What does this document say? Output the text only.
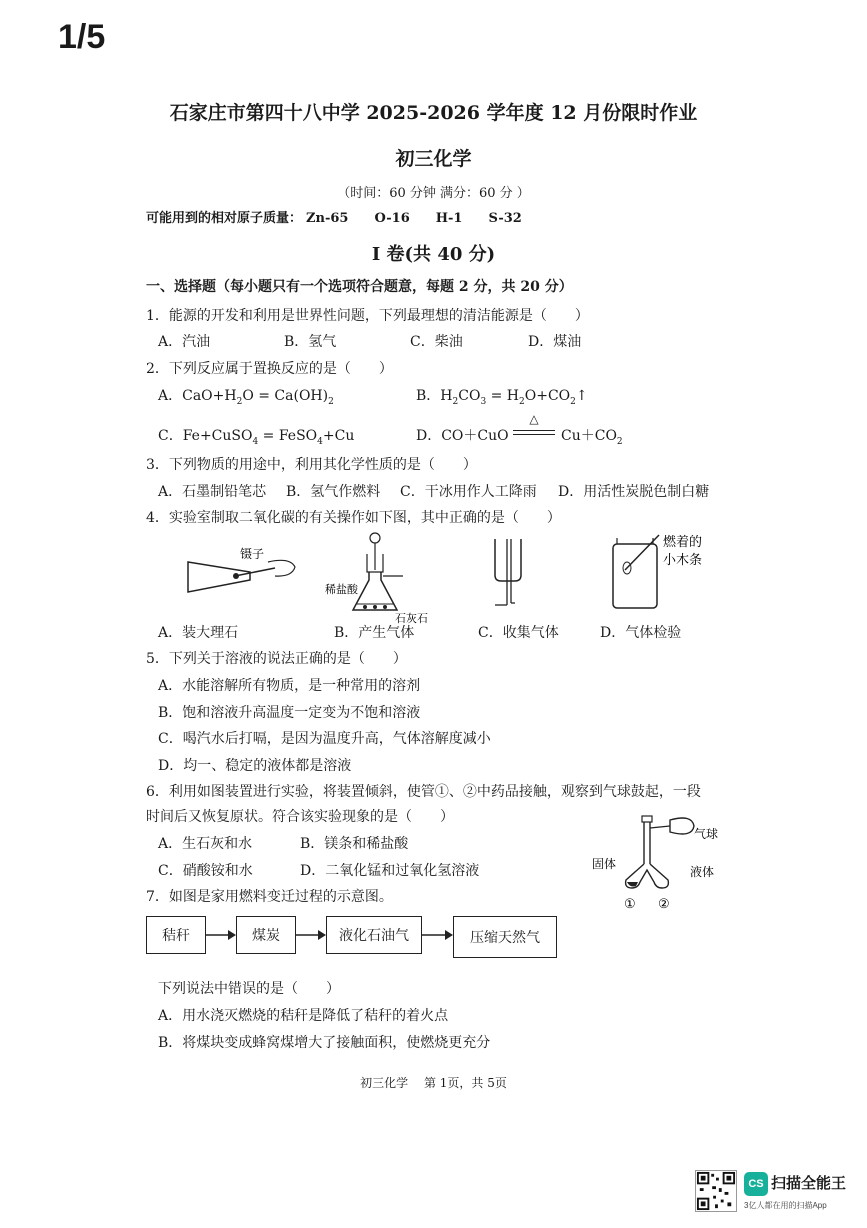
1/5
石家庄市第四十八中学 2025-2026 学年度 12 月份限时作业
初三化学
（时间：60 分钟 满分：60 分 ）
可能用到的相对原子质量： Zn-65 O-16 H-1 S-32
I 卷(共 40 分)
一、选择题（每小题只有一个选项符合题意，每题 2 分，共 20 分）
1．能源的开发和利用是世界性问题，下列最理想的清洁能源是（　　）
A．汽油	B．氢气	C．柴油	D．煤油
2．下列反应属于置换反应的是（　　）
A．$CaO+H_2O = Ca(OH)_2$	B．$H_2CO_3$ = $H_2O+CO_2↑$
C．Fe+CuSO$_4$ = FeSO$_4$+Cu	D．CO＋CuO
△
$Cu+CO_2$
3．下列物质的用途中，利用其化学性质的是（　　）
A．石墨制铅笔芯 B．氢气作燃料 C．干冰用作人工降雨 D．用活性炭脱色制白糖
4．实验室制取二氧化碳的有关操作如下图，其中正确的是（　　）
镊子
稀盐酸
石灰石
燃着的
小木条
A．装大理石	B．产生气体	C．收集气体	D．气体检验
5．下列关于溶液的说法正确的是（　　）
A．水能溶解所有物质，是一种常用的溶剂
B．饱和溶液升高温度一定变为不饱和溶液
C．喝汽水后打嗝，是因为温度升高，气体溶解度减小
D．均一、稳定的液体都是溶液
6．利用如图装置进行实验，将装置倾斜，使管①、②中药品接触，观察到气球鼓起，一段
时间后又恢复原状。符合该实验现象的是（　　）
A．生石灰和水	B．镁条和稀盐酸
C．硝酸铵和水	D．二氧化锰和过氧化氢溶液
气球
固体
液体
① ②
7．如图是家用燃料变迁过程的示意图。
秸秆	煤炭	液化石油气	压缩天然气
下列说法中错误的是（　　）
A．用水浇灭燃烧的秸秆是降低了秸秆的着火点
B．将煤块变成蜂窝煤增大了接触面积，使燃烧更充分
初三化学　 第 1页，共 5页
CS 扫描全能王
3亿人都在用的扫描App
